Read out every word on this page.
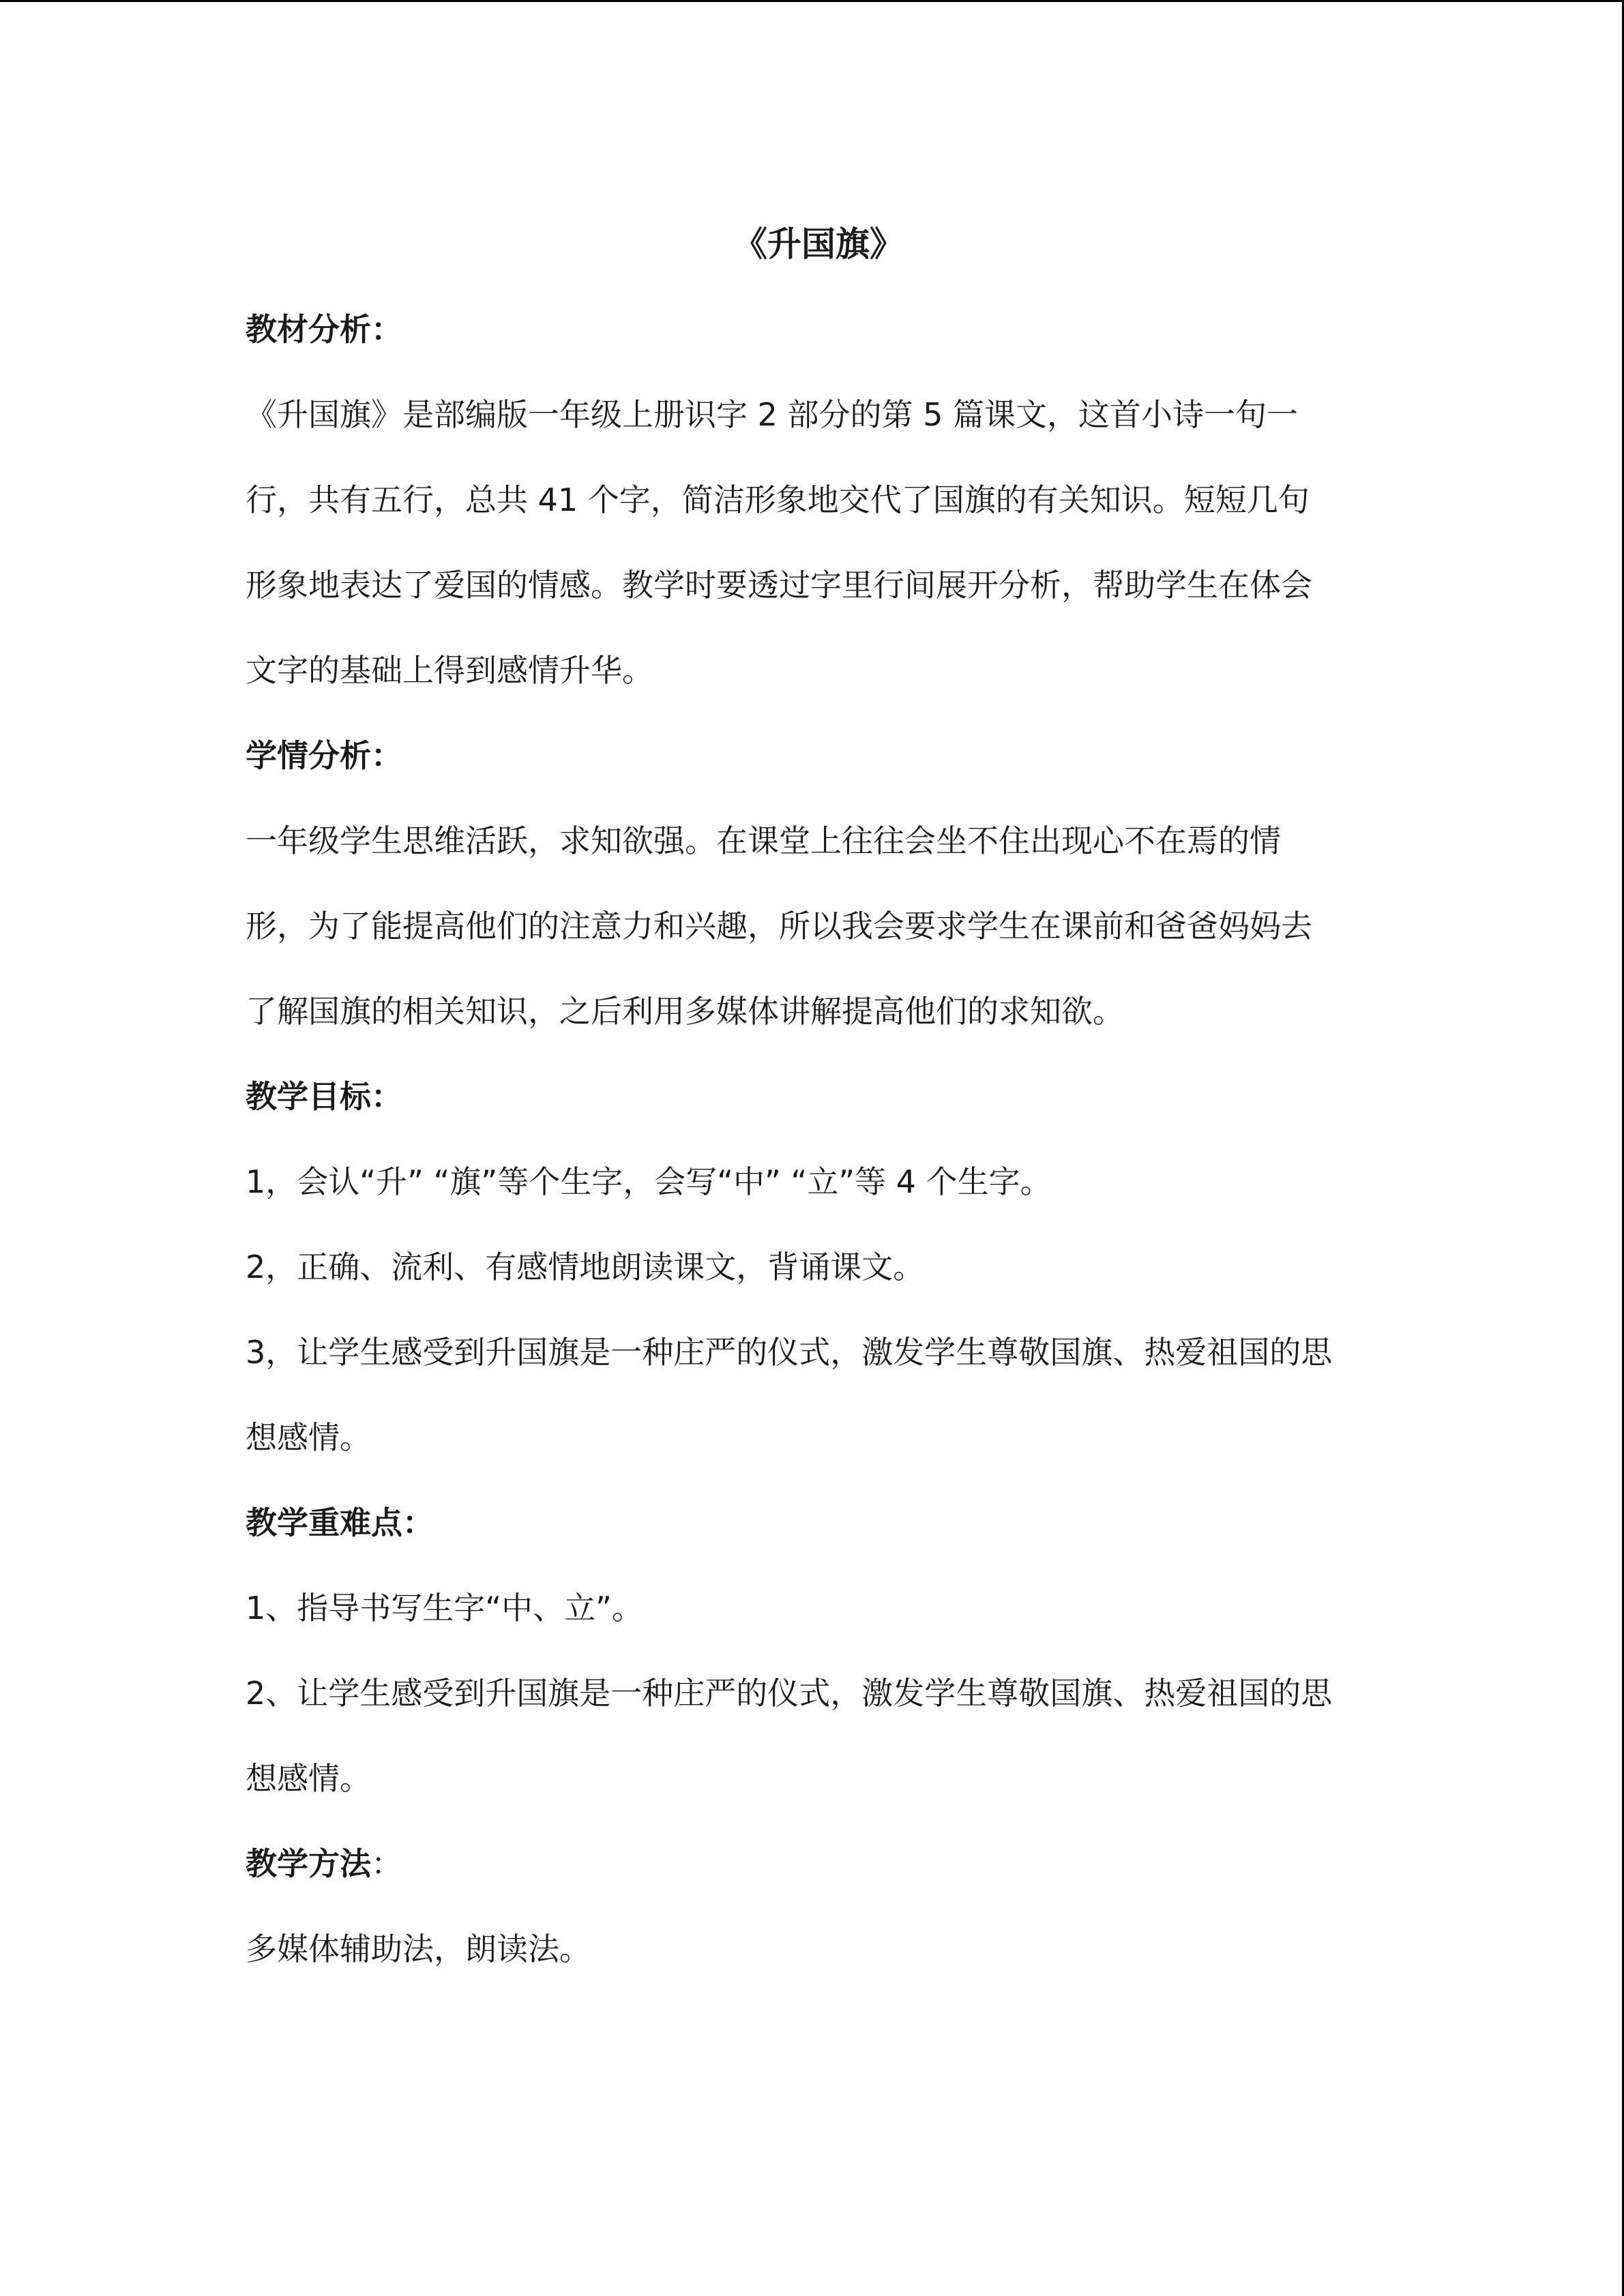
《升国旗》
教材分析：
《升国旗》是部编版一年级上册识字 2 部分的第 5 篇课文，这首小诗一句一
行，共有五行，总共 41 个字，简洁形象地交代了国旗的有关知识。短短几句
形象地表达了爱国的情感。教学时要透过字里行间展开分析，帮助学生在体会
文字的基础上得到感情升华。
学情分析：
一年级学生思维活跃，求知欲强。在课堂上往往会坐不住出现心不在焉的情
形，为了能提高他们的注意力和兴趣，所以我会要求学生在课前和爸爸妈妈去
了解国旗的相关知识，之后利用多媒体讲解提高他们的求知欲。
教学目标：
1，会认“升” “旗”等个生字，会写“中” “立”等 4 个生字。
2，正确、流利、有感情地朗读课文，背诵课文。
3，让学生感受到升国旗是一种庄严的仪式，激发学生尊敬国旗、热爱祖国的思
想感情。
教学重难点：
1、指导书写生字“中、立”。
2、让学生感受到升国旗是一种庄严的仪式，激发学生尊敬国旗、热爱祖国的思
想感情。
教学方法：
多媒体辅助法，朗读法。
